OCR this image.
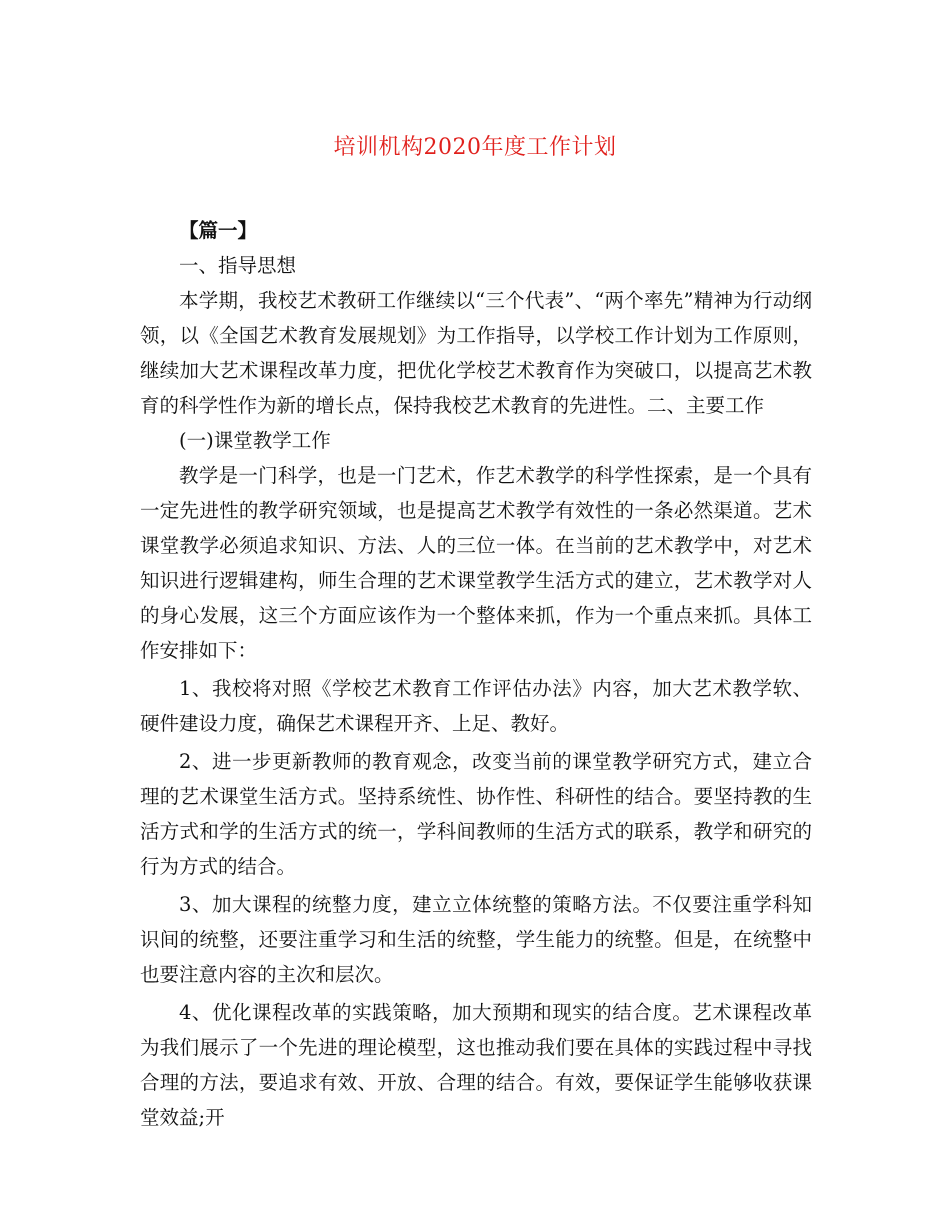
培训机构2020年度工作计划

【篇一】

一、指导思想

本学期，我校艺术教研工作继续以“三个代表”、“两个率先”精神为行动纲领，以《全国艺术教育发展规划》为工作指导，以学校工作计划为工作原则，继续加大艺术课程改革力度，把优化学校艺术教育作为突破口，以提高艺术教育的科学性作为新的增长点，保持我校艺术教育的先进性。二、主要工作

(一)课堂教学工作

教学是一门科学，也是一门艺术，作艺术教学的科学性探索，是一个具有一定先进性的教学研究领域，也是提高艺术教学有效性的一条必然渠道。艺术课堂教学必须追求知识、方法、人的三位一体。在当前的艺术教学中，对艺术知识进行逻辑建构，师生合理的艺术课堂教学生活方式的建立，艺术教学对人的身心发展，这三个方面应该作为一个整体来抓，作为一个重点来抓。具体工作安排如下：

1、我校将对照《学校艺术教育工作评估办法》内容，加大艺术教学软、硬件建设力度，确保艺术课程开齐、上足、教好。

2、进一步更新教师的教育观念，改变当前的课堂教学研究方式，建立合理的艺术课堂生活方式。坚持系统性、协作性、科研性的结合。要坚持教的生活方式和学的生活方式的统一，学科间教师的生活方式的联系，教学和研究的行为方式的结合。

3、加大课程的统整力度，建立立体统整的策略方法。不仅要注重学科知识间的统整，还要注重学习和生活的统整，学生能力的统整。但是，在统整中也要注意内容的主次和层次。

4、优化课程改革的实践策略，加大预期和现实的结合度。艺术课程改革为我们展示了一个先进的理论模型，这也推动我们要在具体的实践过程中寻找合理的方法，要追求有效、开放、合理的结合。有效，要保证学生能够收获课堂效益;开
